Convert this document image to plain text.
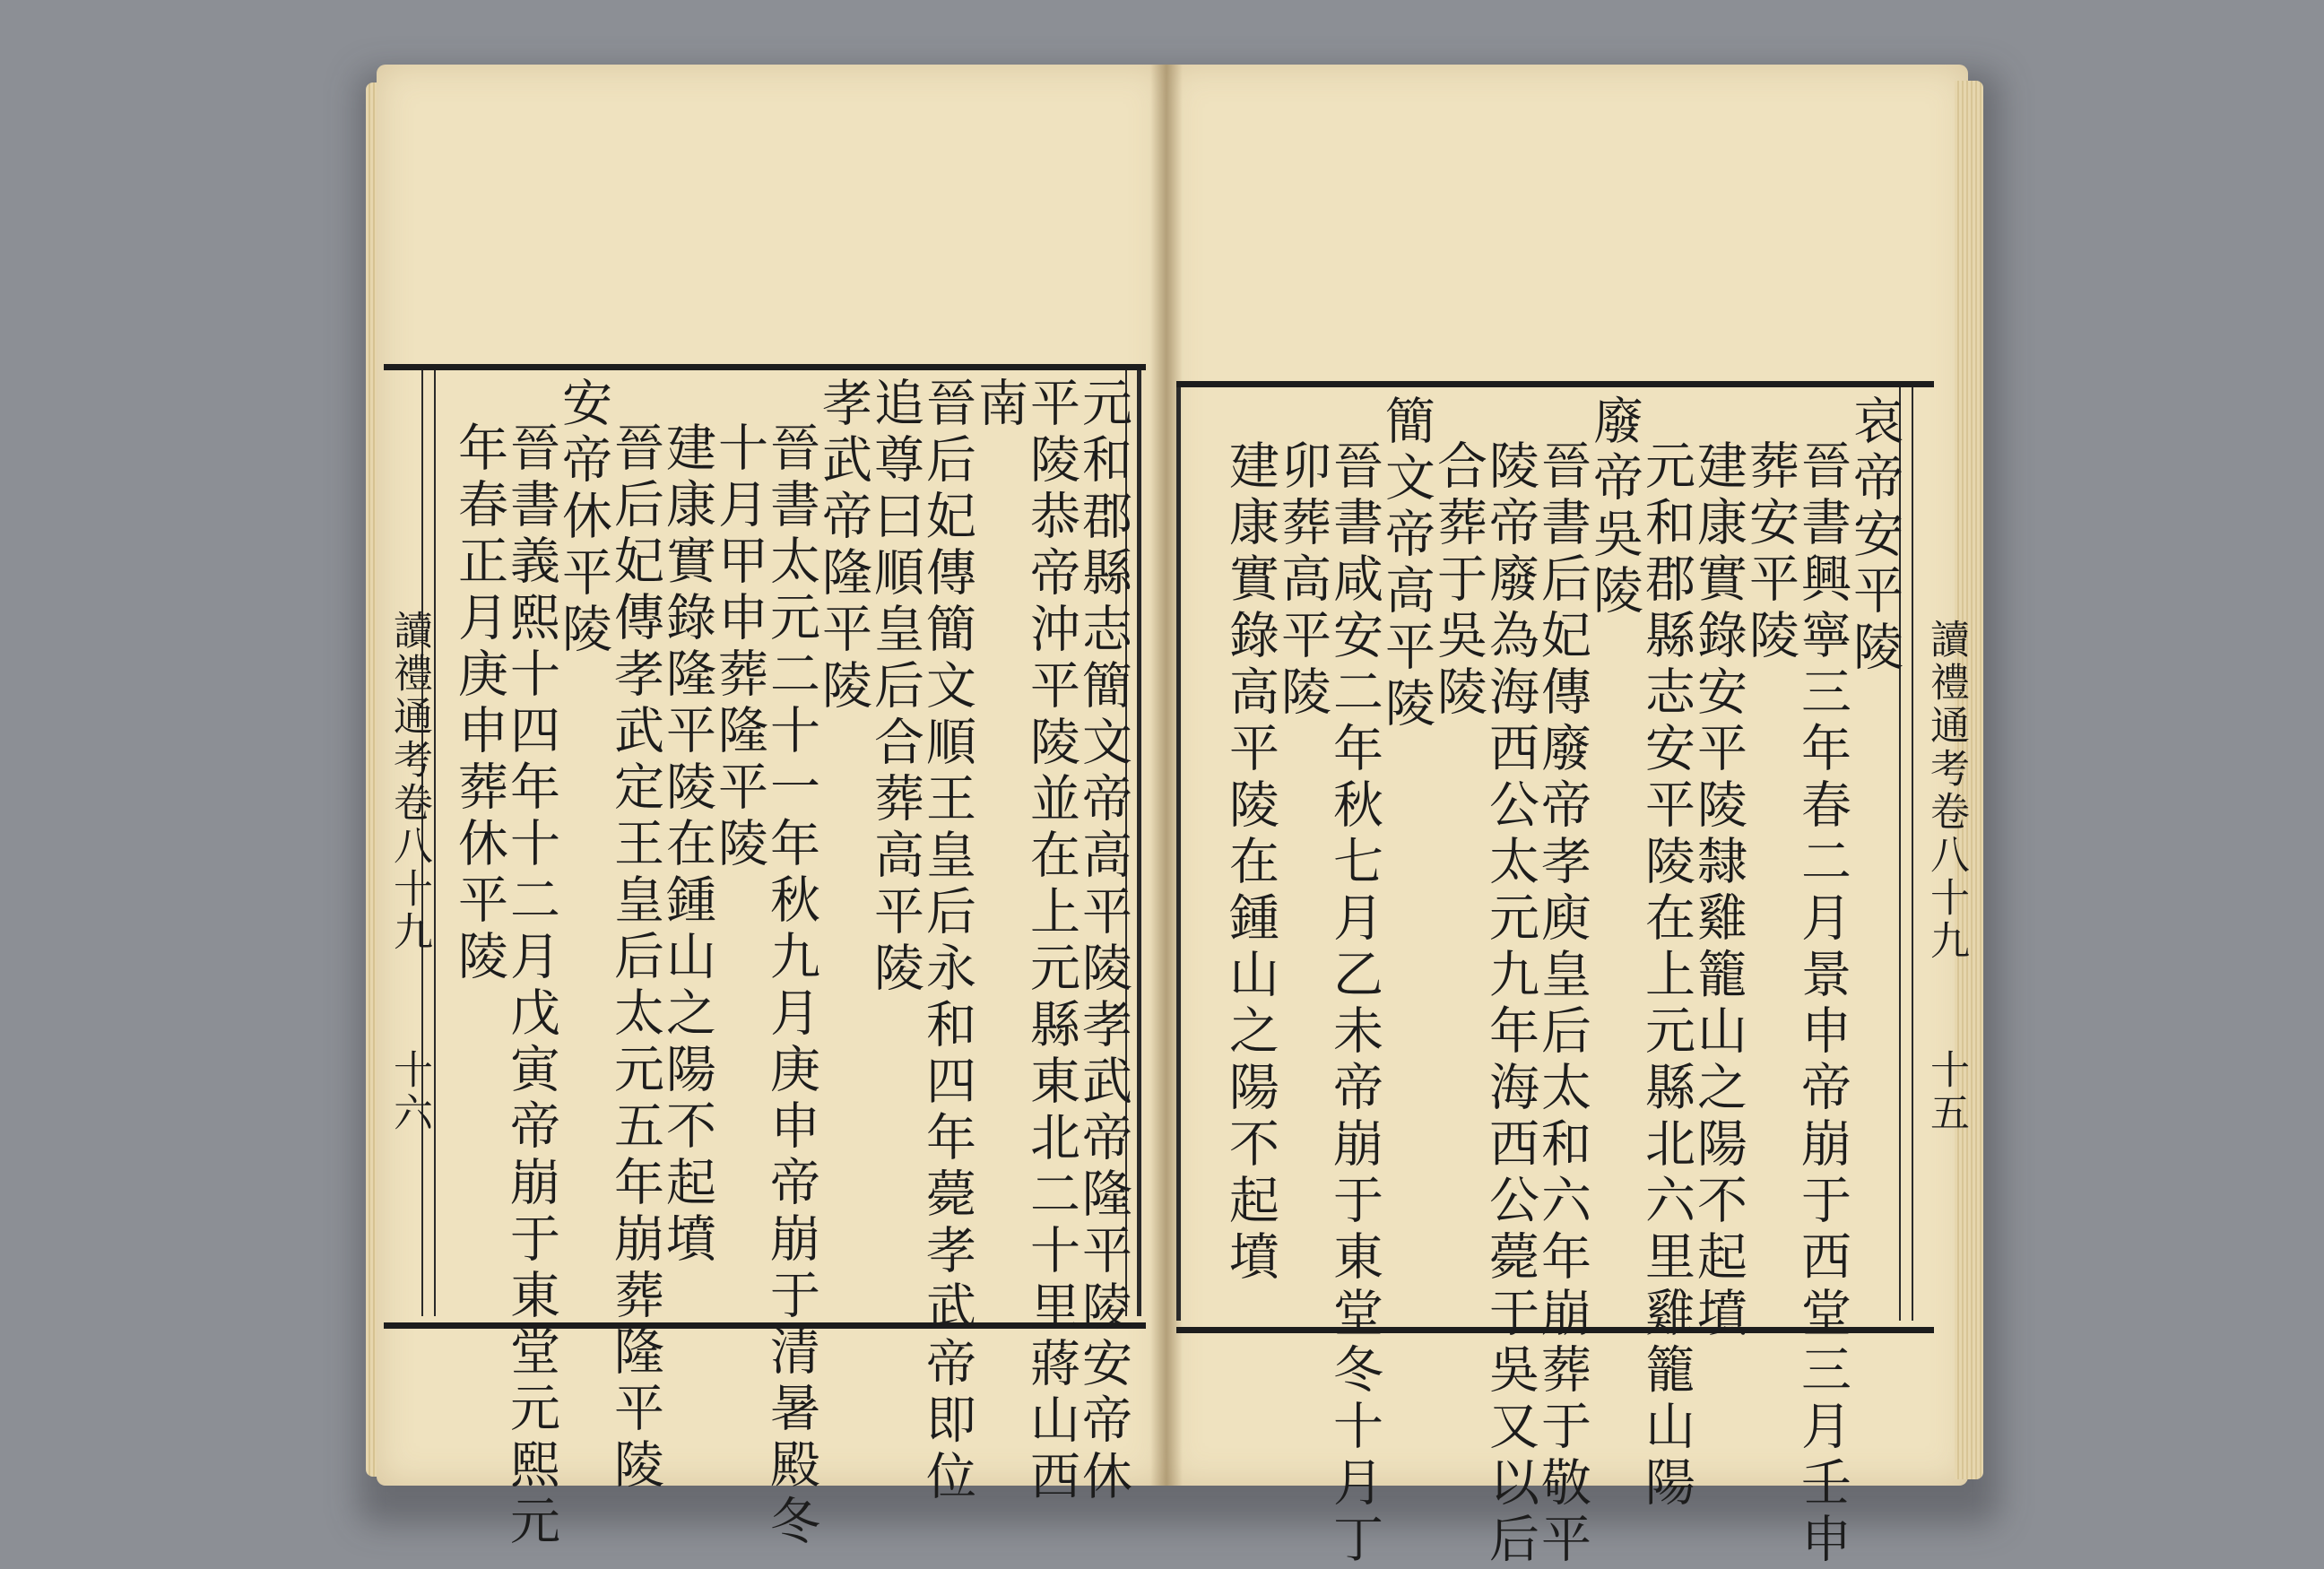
元和郡縣志簡文帝高平陵孝武帝隆平陵安帝休
平陵恭帝沖平陵並在上元縣東北二十里蔣山西
南
晉后妃傳簡文順王皇后永和四年薨孝武帝即位
追尊曰順皇后合葬高平陵
孝武帝隆平陵
晉書太元二十一年秋九月庚申帝崩于清暑殿冬
十月甲申葬隆平陵
建康實錄隆平陵在鍾山之陽不起墳
晉后妃傳孝武定王皇后太元五年崩葬隆平陵
安帝休平陵
晉書義熙十四年十二月戊寅帝崩于東堂元熙元
年春正月庚申葬休平陵
讀禮通考卷八十九
十六
哀帝安平陵
晉書興寧三年春二月景申帝崩于西堂三月壬申
葬安平陵
建康實錄安平陵隸雞籠山之陽不起墳
元和郡縣志安平陵在上元縣北六里雞籠山陽
廢帝吳陵
晉書后妃傳廢帝孝庾皇后太和六年崩葬于敬平
陵帝廢為海西公太元九年海西公薨于吳又以后
合葬于吳陵
簡文帝高平陵
晉書咸安二年秋七月乙未帝崩于東堂冬十月丁
卯葬高平陵
建康實錄高平陵在鍾山之陽不起墳	讀禮通考卷八十九
十五
